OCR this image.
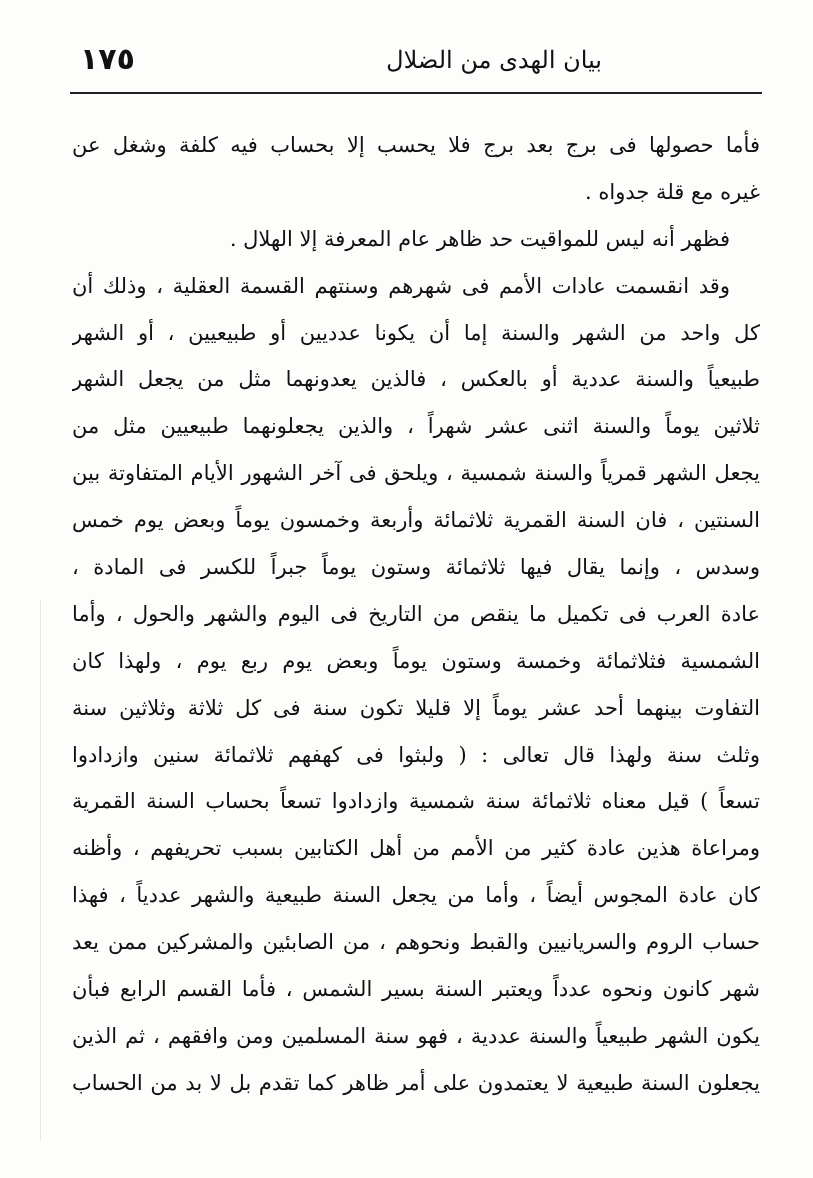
١٧٥	بيان الهدى من الضلال
فأما حصولها فى برج بعد برج فلا يحسب إلا بحساب فيه كلفة وشغل عن
غيره مع قلة جدواه .
فظهر أنه ليس للمواقيت حد ظاهر عام المعرفة إلا الهلال .
وقد انقسمت عادات الأمم فى شهرهم وسنتهم القسمة العقلية ، وذلك أن
كل واحد من الشهر والسنة إما أن يكونا عدديين أو طبيعيين ، أو الشهر
طبيعياً والسنة عددية أو بالعكس ، فالذين يعدونهما مثل من يجعل الشهر
ثلاثين يوماً والسنة اثنى عشر شهراً ، والذين يجعلونهما طبيعيين مثل من
يجعل الشهر قمرياً والسنة شمسية ، ويلحق فى آخر الشهور الأيام المتفاوتة بين
السنتين ، فان السنة القمرية ثلاثمائة وأربعة وخمسون يوماً وبعض يوم خمس
وسدس ، وإنما يقال فيها ثلاثمائة وستون يوماً جبراً للكسر فى المادة ،
عادة العرب فى تكميل ما ينقص من التاريخ فى اليوم والشهر والحول ، وأما
الشمسية فثلاثمائة وخمسة وستون يوماً وبعض يوم ربع يوم ، ولهذا كان
التفاوت بينهما أحد عشر يوماً إلا قليلا تكون سنة فى كل ثلاثة وثلاثين سنة
وثلث سنة ولهذا قال تعالى : ( ولبثوا فى كهفهم ثلاثمائة سنين وازدادوا
تسعاً ) قيل معناه ثلاثمائة سنة شمسية وازدادوا تسعاً بحساب السنة القمرية
ومراعاة هذين عادة كثير من الأمم من أهل الكتابين بسبب تحريفهم ، وأظنه
كان عادة المجوس أيضاً ، وأما من يجعل السنة طبيعية والشهر عددياً ، فهذا
حساب الروم والسريانيين والقبط ونحوهم ، من الصابئين والمشركين ممن يعد
شهر كانون ونحوه عدداً ويعتبر السنة بسير الشمس ، فأما القسم الرابع فبأن
يكون الشهر طبيعياً والسنة عددية ، فهو سنة المسلمين ومن وافقهم ، ثم الذين
يجعلون السنة طبيعية لا يعتمدون على أمر ظاهر كما تقدم بل لا بد من الحساب
